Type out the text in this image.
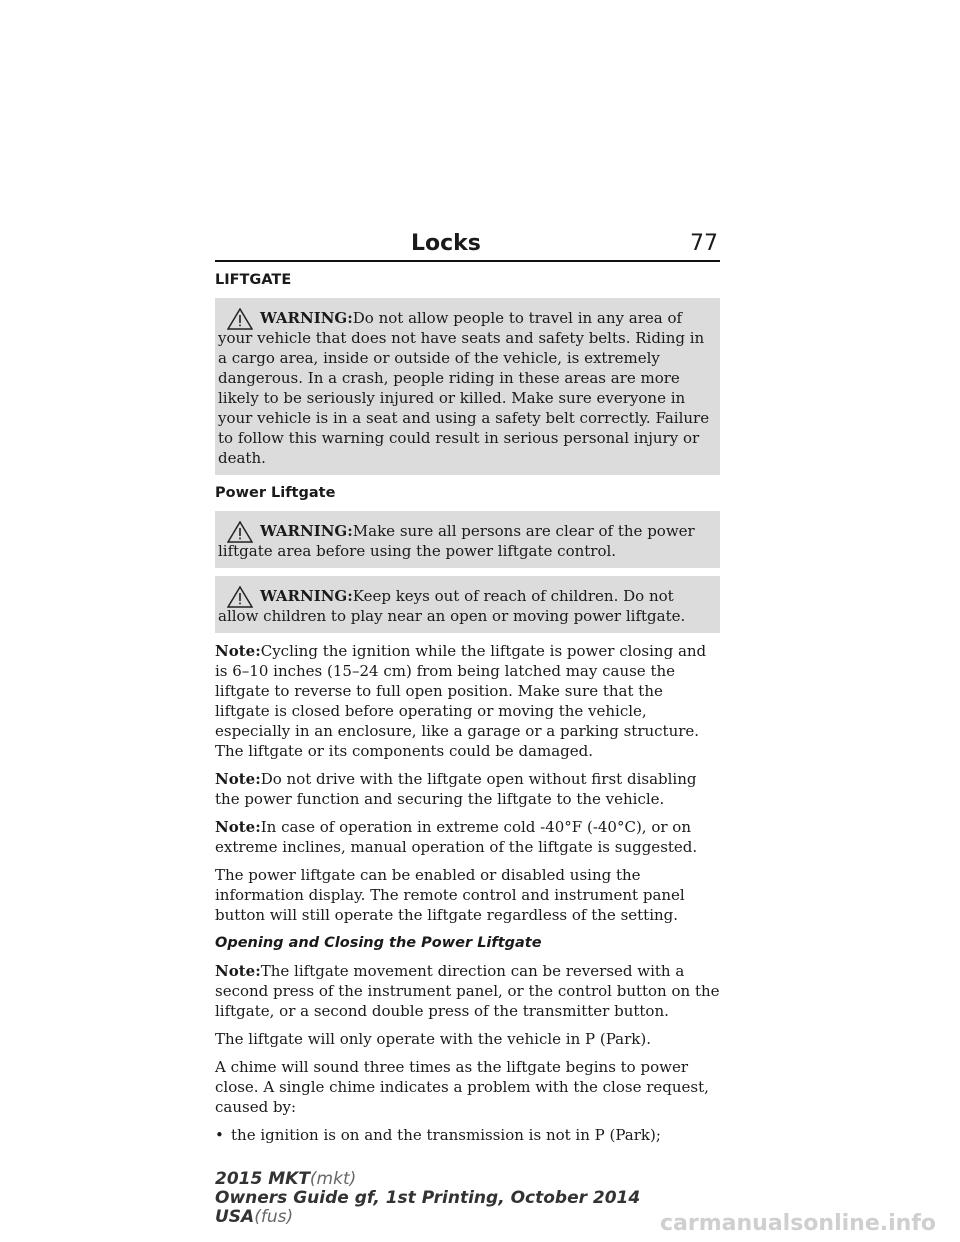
Locks	77
LIFTGATE
WARNING:Do not allow people to travel in any area of your vehicle that does not have seats and safety belts. Riding in a cargo area, inside or outside of the vehicle, is extremely dangerous. In a crash, people riding in these areas are more likely to be seriously injured or killed. Make sure everyone in your vehicle is in a seat and using a safety belt correctly. Failure to follow this warning could result in serious personal injury or death.
Power Liftgate
WARNING:Make sure all persons are clear of the power liftgate area before using the power liftgate control.
WARNING:Keep keys out of reach of children. Do not allow children to play near an open or moving power liftgate.

Note:Cycling the ignition while the liftgate is power closing and is 6–10 inches (15–24 cm) from being latched may cause the liftgate to reverse to full open position. Make sure that the liftgate is closed before operating or moving the vehicle, especially in an enclosure, like a garage or a parking structure. The liftgate or its components could be damaged.

Note:Do not drive with the liftgate open without first disabling the power function and securing the liftgate to the vehicle.

Note:In case of operation in extreme cold -40°F (-40°C), or on extreme inclines, manual operation of the liftgate is suggested.

The power liftgate can be enabled or disabled using the information display. The remote control and instrument panel button will still operate the liftgate regardless of the setting.

Opening and Closing the Power Liftgate

Note:The liftgate movement direction can be reversed with a second press of the instrument panel, or the control button on the liftgate, or a second double press of the transmitter button.

The liftgate will only operate with the vehicle in P (Park).

A chime will sound three times as the liftgate begins to power close. A single chime indicates a problem with the close request, caused by:

• the ignition is on and the transmission is not in P (Park);
2015 MKT(mkt)
Owners Guide gf, 1st Printing, October 2014
USA(fus)	carmanualsonline.info
